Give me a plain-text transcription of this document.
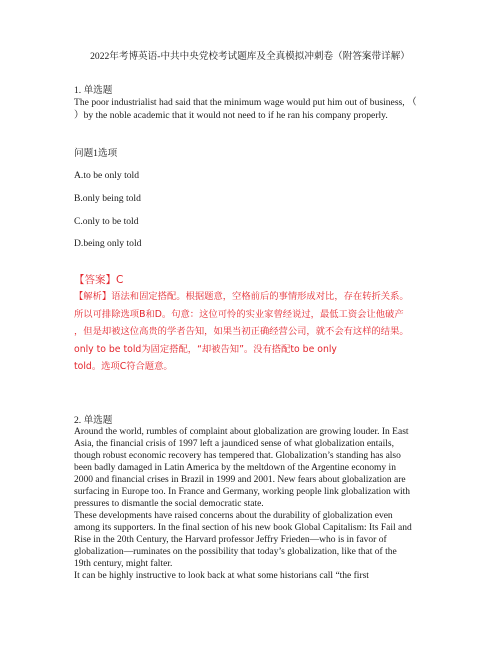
2022年考博英语-中共中央党校考试题库及全真模拟冲刺卷（附答案带详解）
1. 单选题
The poor industrialist had said that the minimum wage would put him out of business, （
）by the noble academic that it would not need to if he ran his company properly.
问题1选项
A.to be only told
B.only being told
C.only to be told
D.being only told
【答案】C
【解析】语法和固定搭配。根据题意，空格前后的事情形成对比，存在转折关系。
所以可排除选项B和D。句意：这位可怜的实业家曾经说过，最低工资会让他破产
，但是却被这位高贵的学者告知，如果当初正确经营公司，就不会有这样的结果。
only to be told为固定搭配，“却被告知”。没有搭配to be only
told。选项C符合题意。
2. 单选题
Around the world, rumbles of complaint about globalization are growing louder. In East
Asia, the financial crisis of 1997 left a jaundiced sense of what globalization entails,
though robust economic recovery has tempered that. Globalization’s standing has also
been badly damaged in Latin America by the meltdown of the Argentine economy in
2000 and financial crises in Brazil in 1999 and 2001. New fears about globalization are
surfacing in Europe too. In France and Germany, working people link globalization with
pressures to dismantle the social democratic state.
These developments have raised concerns about the durability of globalization even
among its supporters. In the final section of his new book Global Capitalism: Its Fail and
Rise in the 20th Century, the Harvard professor Jeffry Frieden—who is in favor of
globalization—ruminates on the possibility that today’s globalization, like that of the
19th century, might falter.
It can be highly instructive to look back at what some historians call “the first
